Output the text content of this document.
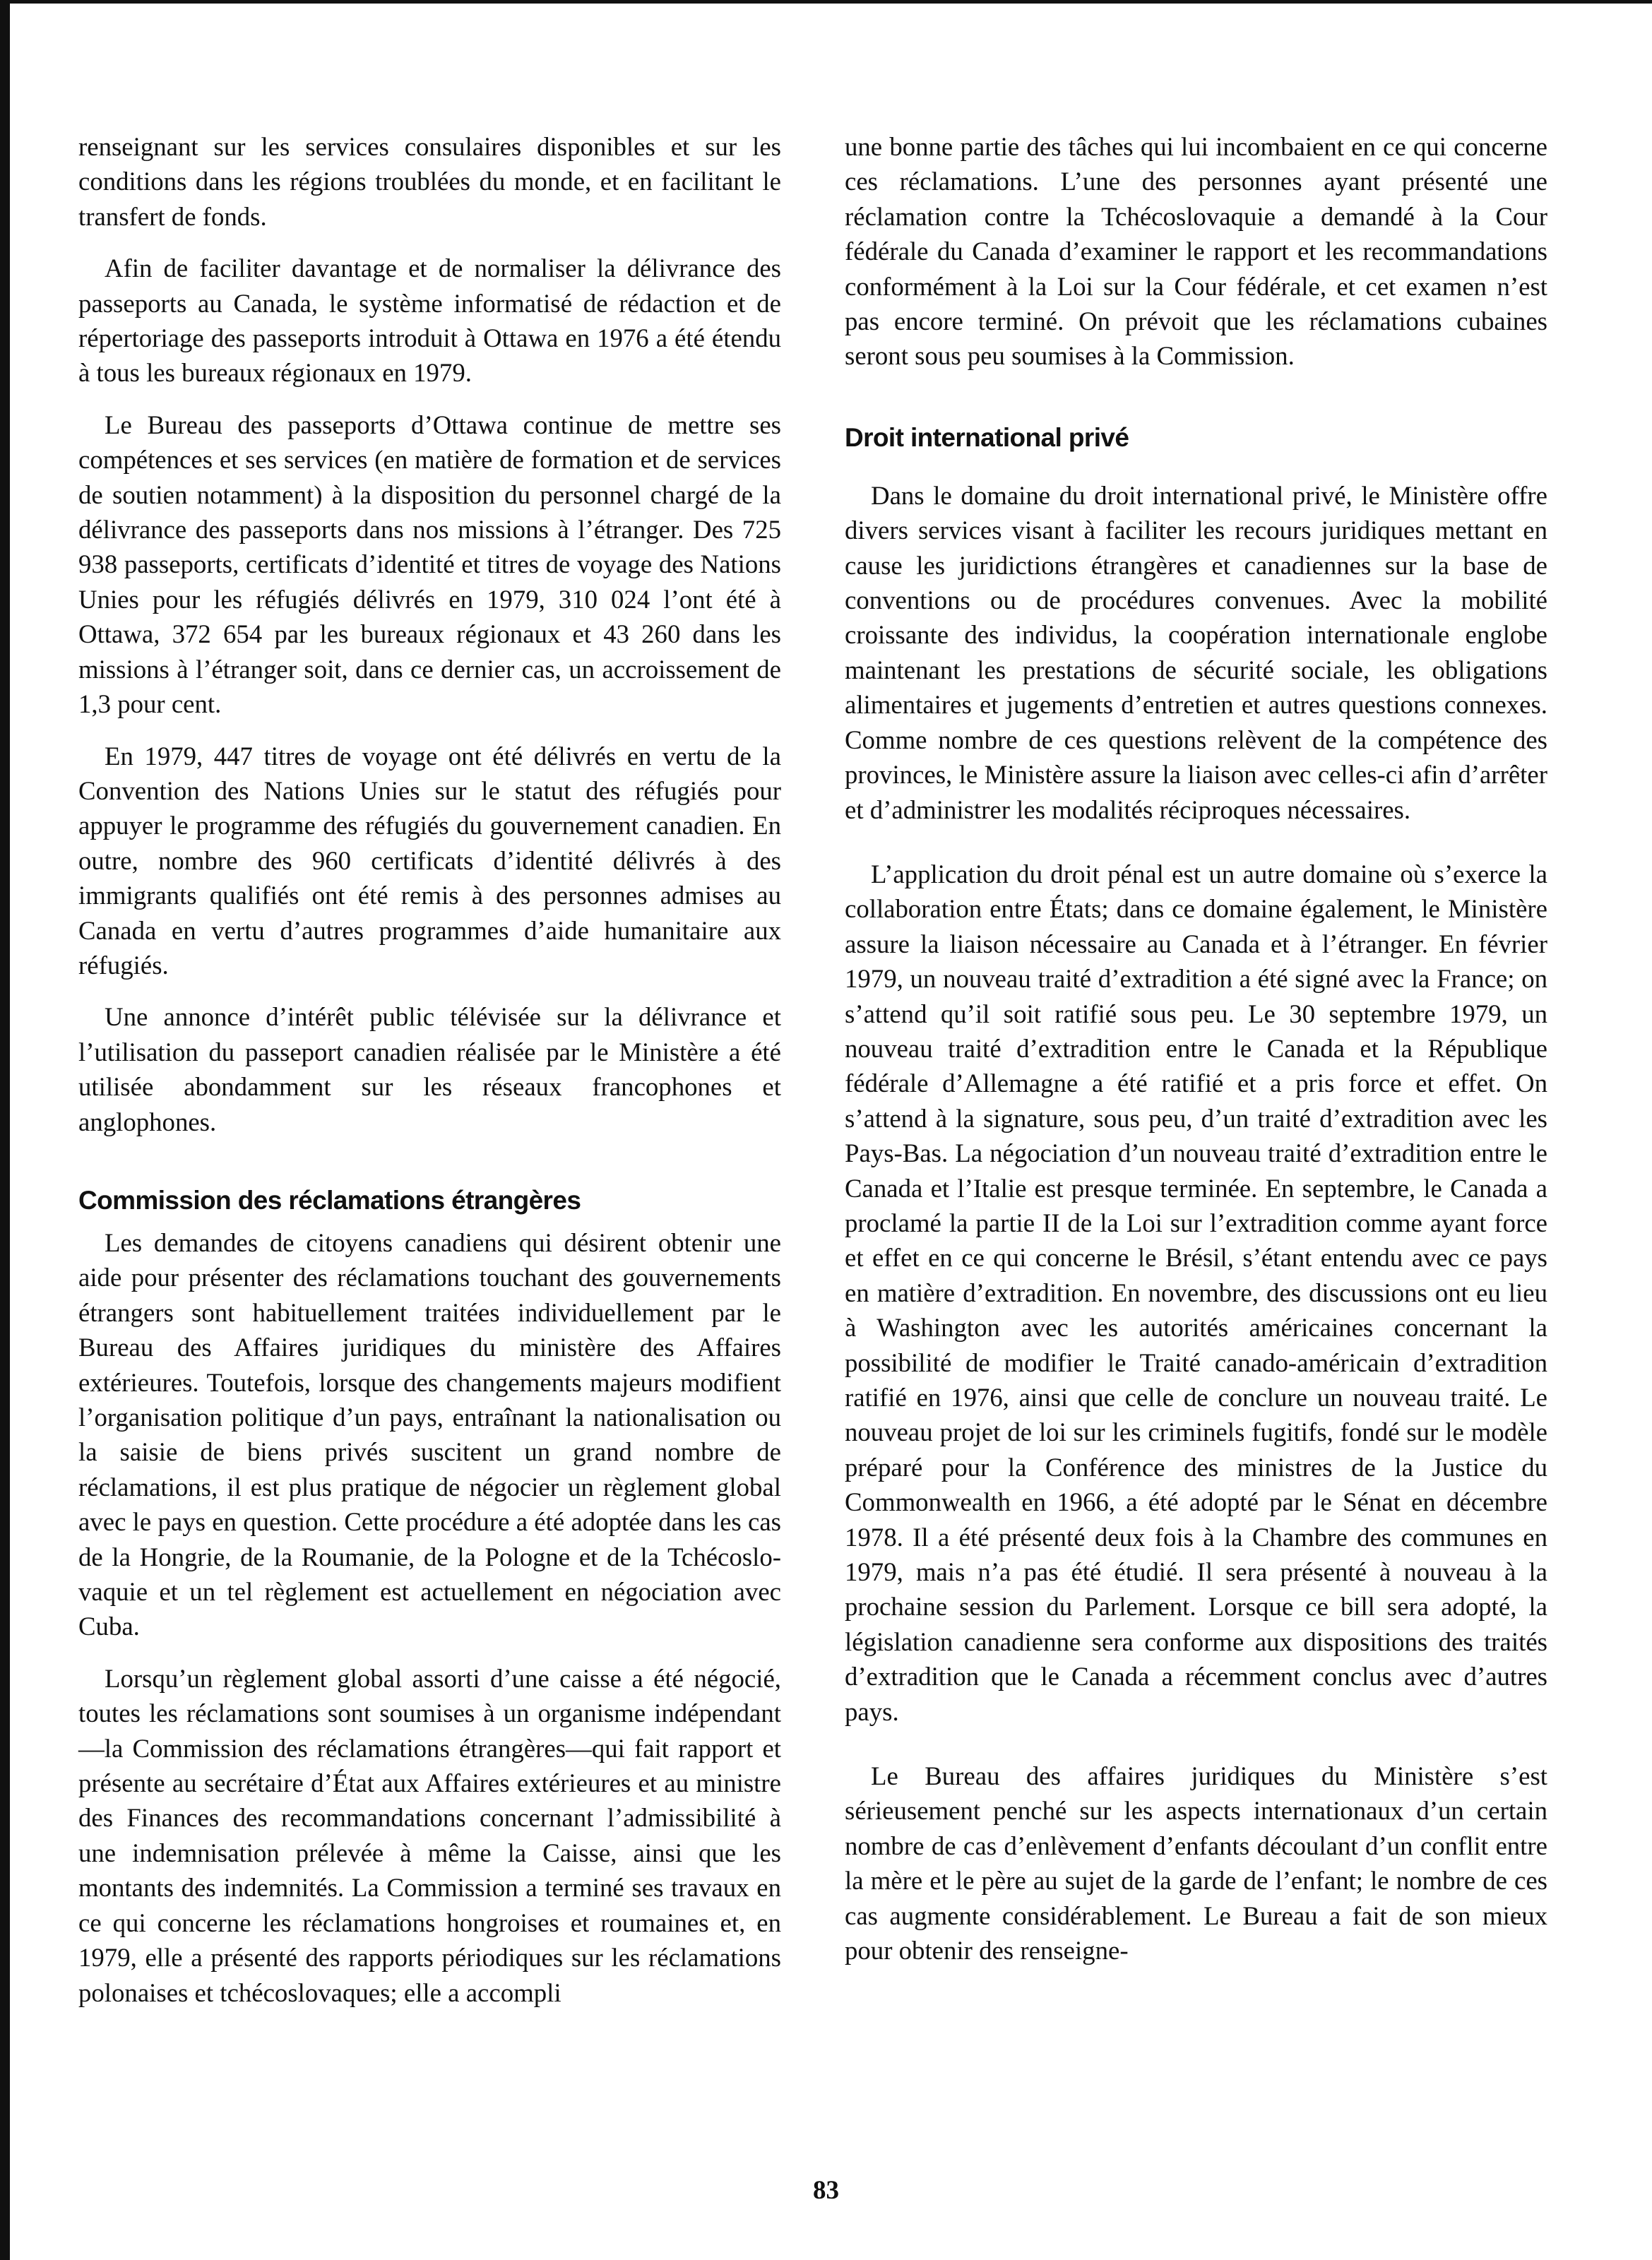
renseignant sur les services consulaires disponibles et sur les conditions dans les régions troublées du monde, et en facilitant le transfert de fonds.

Afin de faciliter davantage et de normaliser la délivrance des passeports au Canada, le système informatisé de rédaction et de répertoriage des passeports introduit à Ottawa en 1976 a été étendu à tous les bureaux régionaux en 1979.

Le Bureau des passeports d’Ottawa continue de mettre ses compétences et ses services (en matière de formation et de services de soutien notamment) à la disposition du personnel chargé de la délivrance des passeports dans nos missions à l’étranger. Des 725 938 passeports, certificats d’identité et titres de voyage des Nations Unies pour les réfugiés délivrés en 1979, 310 024 l’ont été à Ottawa, 372 654 par les bureaux régionaux et 43 260 dans les missions à l’étranger soit, dans ce dernier cas, un accroissement de 1,3 pour cent.

En 1979, 447 titres de voyage ont été délivrés en vertu de la Convention des Nations Unies sur le statut des réfugiés pour appuyer le programme des réfugiés du gouvernement canadien. En outre, nombre des 960 certificats d’identité délivrés à des immigrants qualifiés ont été remis à des personnes admises au Canada en vertu d’autres programmes d’aide humanitaire aux réfugiés.

Une annonce d’intérêt public télévisée sur la délivrance et l’utilisation du passeport canadien réalisée par le Ministère a été utilisée abondamment sur les réseaux francophones et anglophones.

Commission des réclamations étrangères

Les demandes de citoyens canadiens qui désirent obtenir une aide pour présenter des réclamations touchant des gouvernements étrangers sont habituellement traitées individuellement par le Bureau des Affaires juridiques du ministère des Affaires extérieures. Toutefois, lorsque des changements majeurs modifient l’organisation politique d’un pays, entraînant la nationalisation ou la saisie de biens privés suscitent un grand nombre de réclamations, il est plus pratique de négocier un règlement global avec le pays en question. Cette procédure a été adoptée dans les cas de la Hongrie, de la Roumanie, de la Pologne et de la Tchécoslovaquie et un tel règlement est actuellement en négociation avec Cuba.

Lorsqu’un règlement global assorti d’une caisse a été négocié, toutes les réclamations sont soumises à un organisme indépendant—la Commission des réclamations étrangères—qui fait rapport et présente au secrétaire d’État aux Affaires extérieures et au ministre des Finances des recommandations concernant l’admissibilité à une indemnisation prélevée à même la Caisse, ainsi que les montants des indemnités. La Commission a terminé ses travaux en ce qui concerne les réclamations hongroises et roumaines et, en 1979, elle a présenté des rapports périodiques sur les réclamations polonaises et tchécoslovaques; elle a accompli

une bonne partie des tâches qui lui incombaient en ce qui concerne ces réclamations. L’une des personnes ayant présenté une réclamation contre la Tchécoslovaquie a demandé à la Cour fédérale du Canada d’examiner le rapport et les recommandations conformément à la Loi sur la Cour fédérale, et cet examen n’est pas encore terminé. On prévoit que les réclamations cubaines seront sous peu soumises à la Commission.

Droit international privé

Dans le domaine du droit international privé, le Ministère offre divers services visant à faciliter les recours juridiques mettant en cause les juridictions étrangères et canadiennes sur la base de conventions ou de procédures convenues. Avec la mobilité croissante des individus, la coopération internationale englobe maintenant les prestations de sécurité sociale, les obligations alimentaires et jugements d’entretien et autres questions connexes. Comme nombre de ces questions relèvent de la compétence des provinces, le Ministère assure la liaison avec celles-ci afin d’arrêter et d’administrer les modalités réciproques nécessaires.

L’application du droit pénal est un autre domaine où s’exerce la collaboration entre États; dans ce domaine également, le Ministère assure la liaison nécessaire au Canada et à l’étranger. En février 1979, un nouveau traité d’extradition a été signé avec la France; on s’attend qu’il soit ratifié sous peu. Le 30 septembre 1979, un nouveau traité d’extradition entre le Canada et la République fédérale d’Allemagne a été ratifié et a pris force et effet. On s’attend à la signature, sous peu, d’un traité d’extradition avec les Pays-Bas. La négociation d’un nouveau traité d’extradition entre le Canada et l’Italie est presque terminée. En septembre, le Canada a proclamé la partie II de la Loi sur l’extradition comme ayant force et effet en ce qui concerne le Brésil, s’étant entendu avec ce pays en matière d’extradition. En novembre, des discussions ont eu lieu à Washington avec les autorités américaines concernant la possibilité de modifier le Traité canado-américain d’extradition ratifié en 1976, ainsi que celle de conclure un nouveau traité. Le nouveau projet de loi sur les criminels fugitifs, fondé sur le modèle préparé pour la Conférence des ministres de la Justice du Commonwealth en 1966, a été adopté par le Sénat en décembre 1978. Il a été présenté deux fois à la Chambre des communes en 1979, mais n’a pas été étudié. Il sera présenté à nouveau à la prochaine session du Parlement. Lorsque ce bill sera adopté, la législation canadienne sera conforme aux dispositions des traités d’extradition que le Canada a récemment conclus avec d’autres pays.

Le Bureau des affaires juridiques du Ministère s’est sérieusement penché sur les aspects internationaux d’un certain nombre de cas d’enlèvement d’enfants découlant d’un conflit entre la mère et le père au sujet de la garde de l’enfant; le nombre de ces cas augmente considérablement. Le Bureau a fait de son mieux pour obtenir des renseigne-

83
